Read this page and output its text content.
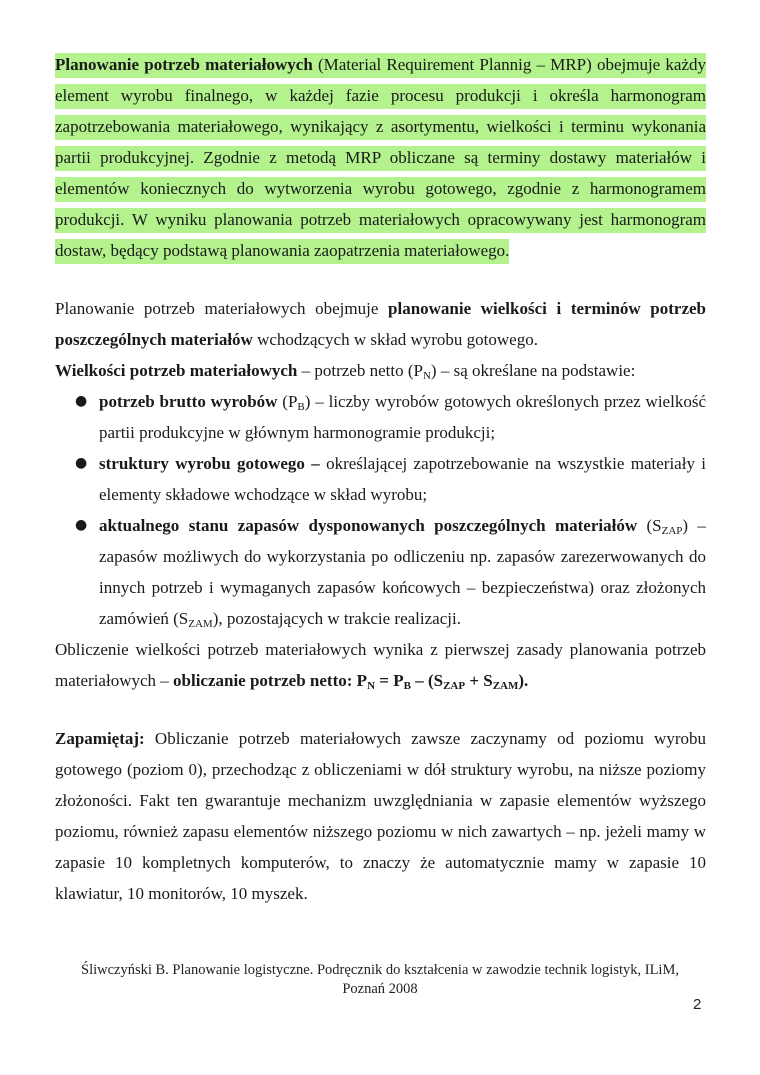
Planowanie potrzeb materiałowych (Material Requirement Plannig – MRP) obejmuje każdy element wyrobu finalnego, w każdej fazie procesu produkcji i określa harmonogram zapotrzebowania materiałowego, wynikający z asortymentu, wielkości i terminu wykonania partii produkcyjnej. Zgodnie z metodą MRP obliczane są terminy dostawy materiałów i elementów koniecznych do wytworzenia wyrobu gotowego, zgodnie z harmonogramem produkcji. W wyniku planowania potrzeb materiałowych opracowywany jest harmonogram dostaw, będący podstawą planowania zaopatrzenia materiałowego.

Planowanie potrzeb materiałowych obejmuje planowanie wielkości i terminów potrzeb poszczególnych materiałów wchodzących w skład wyrobu gotowego.

Wielkości potrzeb materiałowych – potrzeb netto $(P_N)$ – są określane na podstawie:

● potrzeb brutto wyrobów $(P_B)$ – liczby wyrobów gotowych określonych przez wielkość partii produkcyjne w głównym harmonogramie produkcji;
● struktury wyrobu gotowego – określającej zapotrzebowanie na wszystkie materiały i elementy składowe wchodzące w skład wyrobu;
● aktualnego stanu zapasów dysponowanych poszczególnych materiałów $(S_{ZAP})$ – zapasów możliwych do wykorzystania po odliczeniu np. zapasów zarezerwowanych do innych potrzeb i wymaganych zapasów końcowych – bezpieczeństwa) oraz złożonych zamówień $(S_{ZAM})$, pozostających w trakcie realizacji.

Obliczenie wielkości potrzeb materiałowych wynika z pierwszej zasady planowania potrzeb materiałowych – obliczanie potrzeb netto: $P_N = P_B - (S_{ZAP} + S_{ZAM})$.

Zapamiętaj: Obliczanie potrzeb materiałowych zawsze zaczynamy od poziomu wyrobu gotowego (poziom 0), przechodząc z obliczeniami w dół struktury wyrobu, na niższe poziomy złożoności. Fakt ten gwarantuje mechanizm uwzględniania w zapasie elementów wyższego poziomu, również zapasu elementów niższego poziomu w nich zawartych – np. jeżeli mamy w zapasie 10 kompletnych komputerów, to znaczy że automatycznie mamy w zapasie 10 klawiatur, 10 monitorów, 10 myszek.

Śliwczyński B. Planowanie logistyczne. Podręcznik do kształcenia w zawodzie technik logistyk, ILiM,
Poznań 2008
2
